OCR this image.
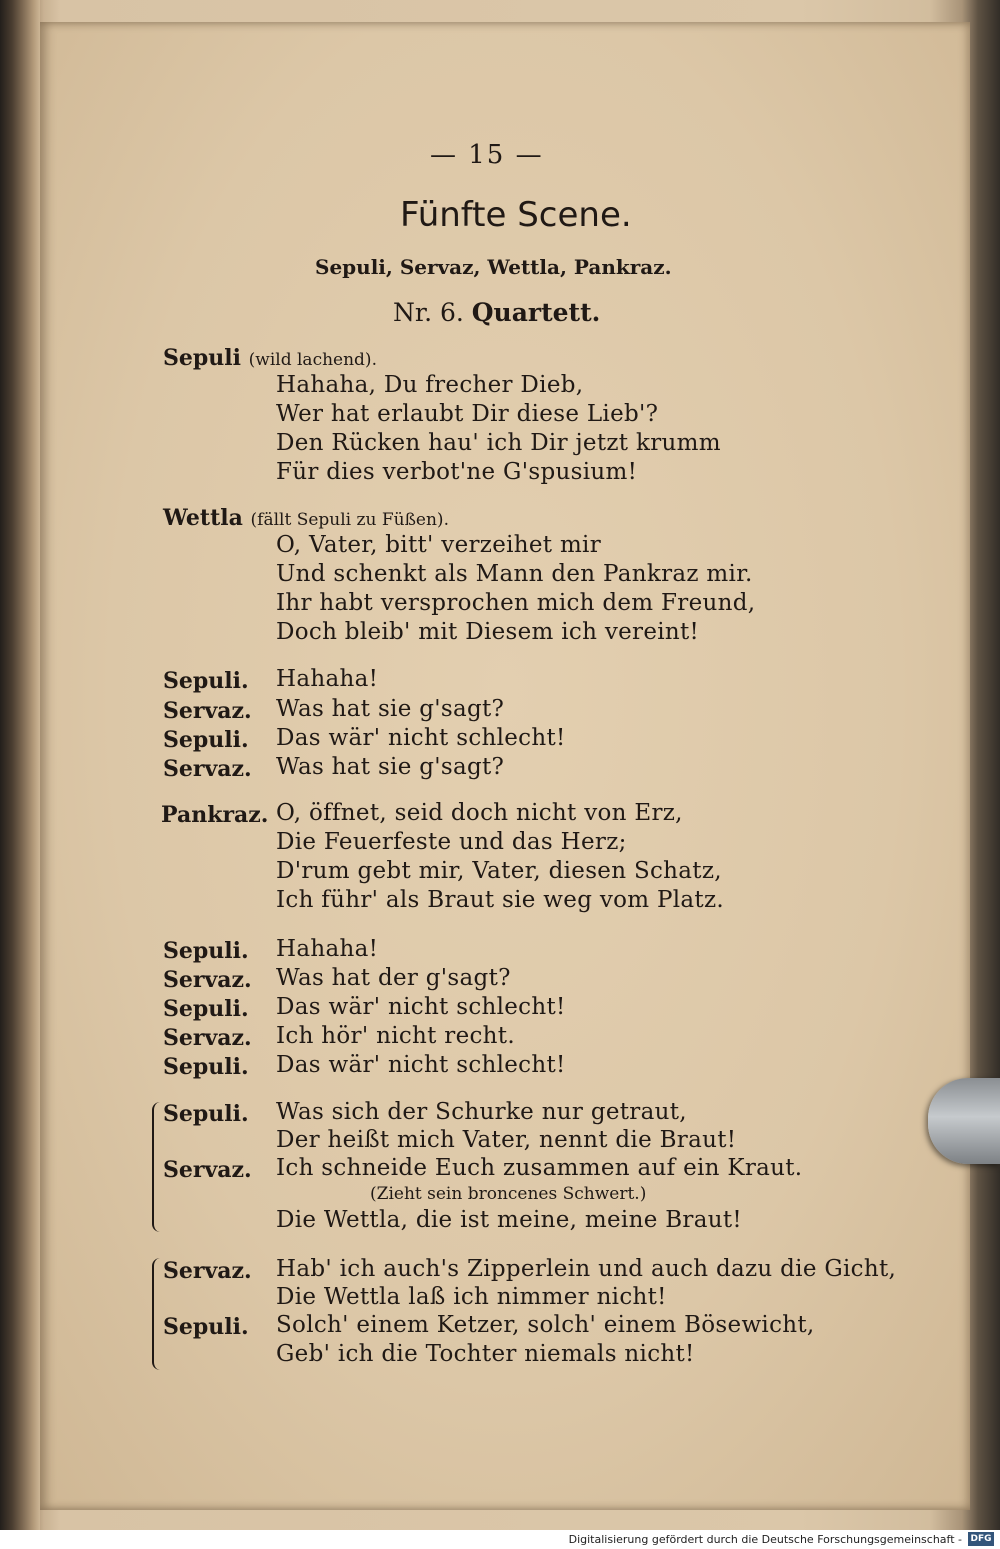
— 15 —
Fünfte Scene.
Sepuli, Servaz, Wettla, Pankraz.
Nr. 6. Quartett.
Sepuli (wild lachend).
Hahaha, Du frecher Dieb,
Wer hat erlaubt Dir diese Lieb'?
Den Rücken hau' ich Dir jetzt krumm
Für dies verbot'ne G'spusium!
Wettla (fällt Sepuli zu Füßen).
O, Vater, bitt' verzeihet mir
Und schenkt als Mann den Pankraz mir.
Ihr habt versprochen mich dem Freund,
Doch bleib' mit Diesem ich vereint!
Sepuli. Hahaha!
Servaz. Was hat sie g'sagt?
Sepuli. Das wär' nicht schlecht!
Servaz. Was hat sie g'sagt?
Pankraz. O, öffnet, seid doch nicht von Erz,
Die Feuerfeste und das Herz;
D'rum gebt mir, Vater, diesen Schatz,
Ich führ' als Braut sie weg vom Platz.
Sepuli. Hahaha!
Servaz. Was hat der g'sagt?
Sepuli. Das wär' nicht schlecht!
Servaz. Ich hör' nicht recht.
Sepuli. Das wär' nicht schlecht!
Sepuli. Was sich der Schurke nur getraut,
Der heißt mich Vater, nennt die Braut!
Servaz. Ich schneide Euch zusammen auf ein Kraut.
(Zieht sein broncenes Schwert.)
Die Wettla, die ist meine, meine Braut!
Servaz. Hab' ich auch's Zipperlein und auch dazu die Gicht,
Die Wettla laß ich nimmer nicht!
Sepuli. Solch' einem Ketzer, solch' einem Bösewicht,
Geb' ich die Tochter niemals nicht!
Digitalisierung gefördert durch die Deutsche Forschungsgemeinschaft - DFG
